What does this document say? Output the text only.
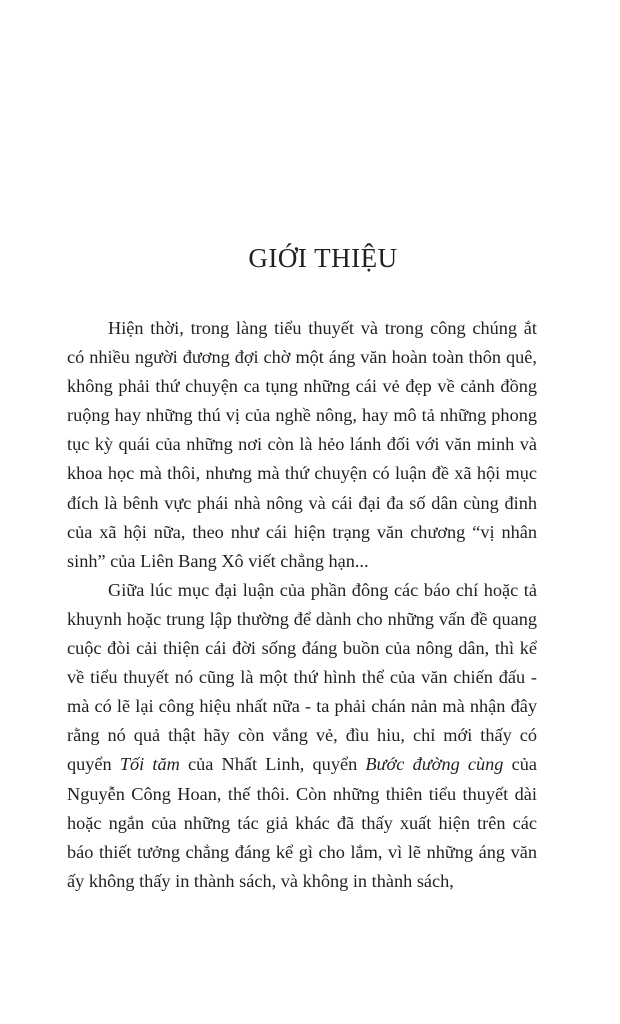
GIỚI THIỆU

Hiện thời, trong làng tiểu thuyết và trong công chúng ắt có nhiều người đương đợi chờ một áng văn hoàn toàn thôn quê, không phải thứ chuyện ca tụng những cái vẻ đẹp về cảnh đồng ruộng hay những thú vị của nghề nông, hay mô tả những phong tục kỳ quái của những nơi còn là hẻo lánh đối với văn minh và khoa học mà thôi, nhưng mà thứ chuyện có luận đề xã hội mục đích là bênh vực phái nhà nông và cái đại đa số dân cùng đinh của xã hội nữa, theo như cái hiện trạng văn chương “vị nhân sinh” của Liên Bang Xô viết chẳng hạn...

Giữa lúc mục đại luận của phần đông các báo chí hoặc tả khuynh hoặc trung lập thường để dành cho những vấn đề quang cuộc đòi cải thiện cái đời sống đáng buồn của nông dân, thì kể về tiểu thuyết nó cũng là một thứ hình thể của văn chiến đấu - mà có lẽ lại công hiệu nhất nữa - ta phải chán nản mà nhận đây rằng nó quả thật hãy còn vắng vẻ, đìu hiu, chỉ mới thấy có quyển Tối tăm của Nhất Linh, quyển Bước đường cùng của Nguyễn Công Hoan, thế thôi. Còn những thiên tiểu thuyết dài hoặc ngắn của những tác giả khác đã thấy xuất hiện trên các báo thiết tưởng chẳng đáng kể gì cho lắm, vì lẽ những áng văn ấy không thấy in thành sách, và không in thành sách,
